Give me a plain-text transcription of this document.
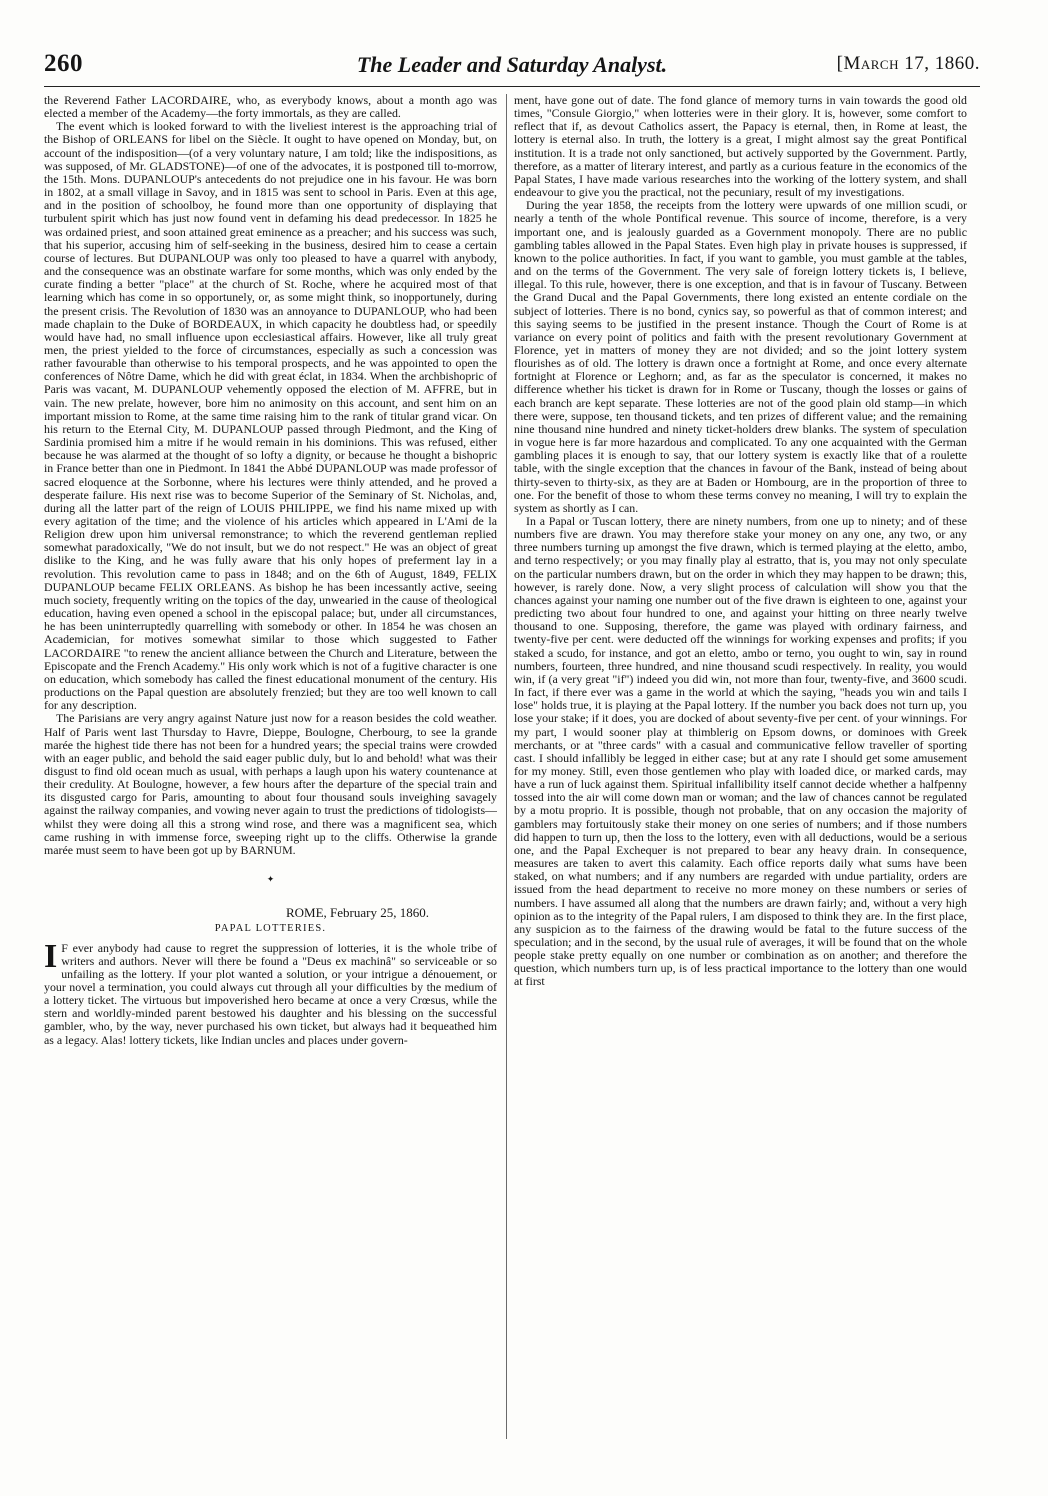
260	The Leader and Saturday Analyst.	[March 17, 1860.

the Reverend Father LACORDAIRE, who, as everybody knows, about a month ago was elected a member of the Academy—the forty immortals, as they are called.

The event which is looked forward to with the liveliest interest is the approaching trial of the Bishop of ORLEANS for libel on the Siècle. It ought to have opened on Monday, but, on account of the indisposition—(of a very voluntary nature, I am told; like the indispositions, as was supposed, of Mr. GLADSTONE)—of one of the advocates, it is postponed till to-morrow, the 15th. Mons. DUPANLOUP's antecedents do not prejudice one in his favour. He was born in 1802, at a small village in Savoy, and in 1815 was sent to school in Paris. Even at this age, and in the position of schoolboy, he found more than one opportunity of displaying that turbulent spirit which has just now found vent in defaming his dead predecessor. In 1825 he was ordained priest, and soon attained great eminence as a preacher; and his success was such, that his superior, accusing him of self-seeking in the business, desired him to cease a certain course of lectures. But DUPANLOUP was only too pleased to have a quarrel with anybody, and the consequence was an obstinate warfare for some months, which was only ended by the curate finding a better "place" at the church of St. Roche, where he acquired most of that learning which has come in so opportunely, or, as some might think, so inopportunely, during the present crisis. The Revolution of 1830 was an annoyance to DUPANLOUP, who had been made chaplain to the Duke of BORDEAUX, in which capacity he doubtless had, or speedily would have had, no small influence upon ecclesiastical affairs. However, like all truly great men, the priest yielded to the force of circumstances, especially as such a concession was rather favourable than otherwise to his temporal prospects, and he was appointed to open the conferences of Nôtre Dame, which he did with great éclat, in 1834. When the archbishopric of Paris was vacant, M. DUPANLOUP vehemently opposed the election of M. AFFRE, but in vain. The new prelate, however, bore him no animosity on this account, and sent him on an important mission to Rome, at the same time raising him to the rank of titular grand vicar. On his return to the Eternal City, M. DUPANLOUP passed through Piedmont, and the King of Sardinia promised him a mitre if he would remain in his dominions. This was refused, either because he was alarmed at the thought of so lofty a dignity, or because he thought a bishopric in France better than one in Piedmont. In 1841 the Abbé DUPANLOUP was made professor of sacred eloquence at the Sorbonne, where his lectures were thinly attended, and he proved a desperate failure. His next rise was to become Superior of the Seminary of St. Nicholas, and, during all the latter part of the reign of LOUIS PHILIPPE, we find his name mixed up with every agitation of the time; and the violence of his articles which appeared in L'Ami de la Religion drew upon him universal remonstrance; to which the reverend gentleman replied somewhat paradoxically, "We do not insult, but we do not respect." He was an object of great dislike to the King, and he was fully aware that his only hopes of preferment lay in a revolution. This revolution came to pass in 1848; and on the 6th of August, 1849, FELIX DUPANLOUP became FELIX ORLEANS. As bishop he has been incessantly active, seeing much society, frequently writing on the topics of the day, unwearied in the cause of theological education, having even opened a school in the episcopal palace; but, under all circumstances, he has been uninterruptedly quarrelling with somebody or other. In 1854 he was chosen an Academician, for motives somewhat similar to those which suggested to Father LACORDAIRE "to renew the ancient alliance between the Church and Literature, between the Episcopate and the French Academy." His only work which is not of a fugitive character is one on education, which somebody has called the finest educational monument of the century. His productions on the Papal question are absolutely frenzied; but they are too well known to call for any description.

The Parisians are very angry against Nature just now for a reason besides the cold weather. Half of Paris went last Thursday to Havre, Dieppe, Boulogne, Cherbourg, to see la grande marée the highest tide there has not been for a hundred years; the special trains were crowded with an eager public, and behold the said eager public duly, but lo and behold! what was their disgust to find old ocean much as usual, with perhaps a laugh upon his watery countenance at their credulity. At Boulogne, however, a few hours after the departure of the special train and its disgusted cargo for Paris, amounting to about four thousand souls inveighing savagely against the railway companies, and vowing never again to trust the predictions of tidologists—whilst they were doing all this a strong wind rose, and there was a magnificent sea, which came rushing in with immense force, sweeping right up to the cliffs. Otherwise la grande marée must seem to have been got up by BARNUM.

✦
ROME, February 25, 1860.
PAPAL LOTTERIES.

I F ever anybody had cause to regret the suppression of lotteries, it is the whole tribe of writers and authors. Never will there be found a "Deus ex machinâ" so serviceable or so unfailing as the lottery. If your plot wanted a solution, or your intrigue a dénouement, or your novel a termination, you could always cut through all your difficulties by the medium of a lottery ticket. The virtuous but impoverished hero became at once a very Crœsus, while the stern and worldly-minded parent bestowed his daughter and his blessing on the successful gambler, who, by the way, never purchased his own ticket, but always had it bequeathed him as a legacy. Alas! lottery tickets, like Indian uncles and places under govern-

ment, have gone out of date. The fond glance of memory turns in vain towards the good old times, "Consule Giorgio," when lotteries were in their glory. It is, however, some comfort to reflect that if, as devout Catholics assert, the Papacy is eternal, then, in Rome at least, the lottery is eternal also. In truth, the lottery is a great, I might almost say the great Pontifical institution. It is a trade not only sanctioned, but actively supported by the Government. Partly, therefore, as a matter of literary interest, and partly as a curious feature in the economics of the Papal States, I have made various researches into the working of the lottery system, and shall endeavour to give you the practical, not the pecuniary, result of my investigations.

During the year 1858, the receipts from the lottery were upwards of one million scudi, or nearly a tenth of the whole Pontifical revenue. This source of income, therefore, is a very important one, and is jealously guarded as a Government monopoly. There are no public gambling tables allowed in the Papal States. Even high play in private houses is suppressed, if known to the police authorities. In fact, if you want to gamble, you must gamble at the tables, and on the terms of the Government. The very sale of foreign lottery tickets is, I believe, illegal. To this rule, however, there is one exception, and that is in favour of Tuscany. Between the Grand Ducal and the Papal Governments, there long existed an entente cordiale on the subject of lotteries. There is no bond, cynics say, so powerful as that of common interest; and this saying seems to be justified in the present instance. Though the Court of Rome is at variance on every point of politics and faith with the present revolutionary Government at Florence, yet in matters of money they are not divided; and so the joint lottery system flourishes as of old. The lottery is drawn once a fortnight at Rome, and once every alternate fortnight at Florence or Leghorn; and, as far as the speculator is concerned, it makes no difference whether his ticket is drawn for in Rome or Tuscany, though the losses or gains of each branch are kept separate. These lotteries are not of the good plain old stamp—in which there were, suppose, ten thousand tickets, and ten prizes of different value; and the remaining nine thousand nine hundred and ninety ticket-holders drew blanks. The system of speculation in vogue here is far more hazardous and complicated. To any one acquainted with the German gambling places it is enough to say, that our lottery system is exactly like that of a roulette table, with the single exception that the chances in favour of the Bank, instead of being about thirty-seven to thirty-six, as they are at Baden or Hombourg, are in the proportion of three to one. For the benefit of those to whom these terms convey no meaning, I will try to explain the system as shortly as I can.

In a Papal or Tuscan lottery, there are ninety numbers, from one up to ninety; and of these numbers five are drawn. You may therefore stake your money on any one, any two, or any three numbers turning up amongst the five drawn, which is termed playing at the eletto, ambo, and terno respectively; or you may finally play al estratto, that is, you may not only speculate on the particular numbers drawn, but on the order in which they may happen to be drawn; this, however, is rarely done. Now, a very slight process of calculation will show you that the chances against your naming one number out of the five drawn is eighteen to one, against your predicting two about four hundred to one, and against your hitting on three nearly twelve thousand to one. Supposing, therefore, the game was played with ordinary fairness, and twenty-five per cent. were deducted off the winnings for working expenses and profits; if you staked a scudo, for instance, and got an eletto, ambo or terno, you ought to win, say in round numbers, fourteen, three hundred, and nine thousand scudi respectively. In reality, you would win, if (a very great "if") indeed you did win, not more than four, twenty-five, and 3600 scudi. In fact, if there ever was a game in the world at which the saying, "heads you win and tails I lose" holds true, it is playing at the Papal lottery. If the number you back does not turn up, you lose your stake; if it does, you are docked of about seventy-five per cent. of your winnings. For my part, I would sooner play at thimblerig on Epsom downs, or dominoes with Greek merchants, or at "three cards" with a casual and communicative fellow traveller of sporting cast. I should infallibly be legged in either case; but at any rate I should get some amusement for my money. Still, even those gentlemen who play with loaded dice, or marked cards, may have a run of luck against them. Spiritual infallibility itself cannot decide whether a halfpenny tossed into the air will come down man or woman; and the law of chances cannot be regulated by a motu proprio. It is possible, though not probable, that on any occasion the majority of gamblers may fortuitously stake their money on one series of numbers; and if those numbers did happen to turn up, then the loss to the lottery, even with all deductions, would be a serious one, and the Papal Exchequer is not prepared to bear any heavy drain. In consequence, measures are taken to avert this calamity. Each office reports daily what sums have been staked, on what numbers; and if any numbers are regarded with undue partiality, orders are issued from the head department to receive no more money on these numbers or series of numbers. I have assumed all along that the numbers are drawn fairly; and, without a very high opinion as to the integrity of the Papal rulers, I am disposed to think they are. In the first place, any suspicion as to the fairness of the drawing would be fatal to the future success of the speculation; and in the second, by the usual rule of averages, it will be found that on the whole people stake pretty equally on one number or combination as on another; and therefore the question, which numbers turn up, is of less practical importance to the lottery than one would at first
